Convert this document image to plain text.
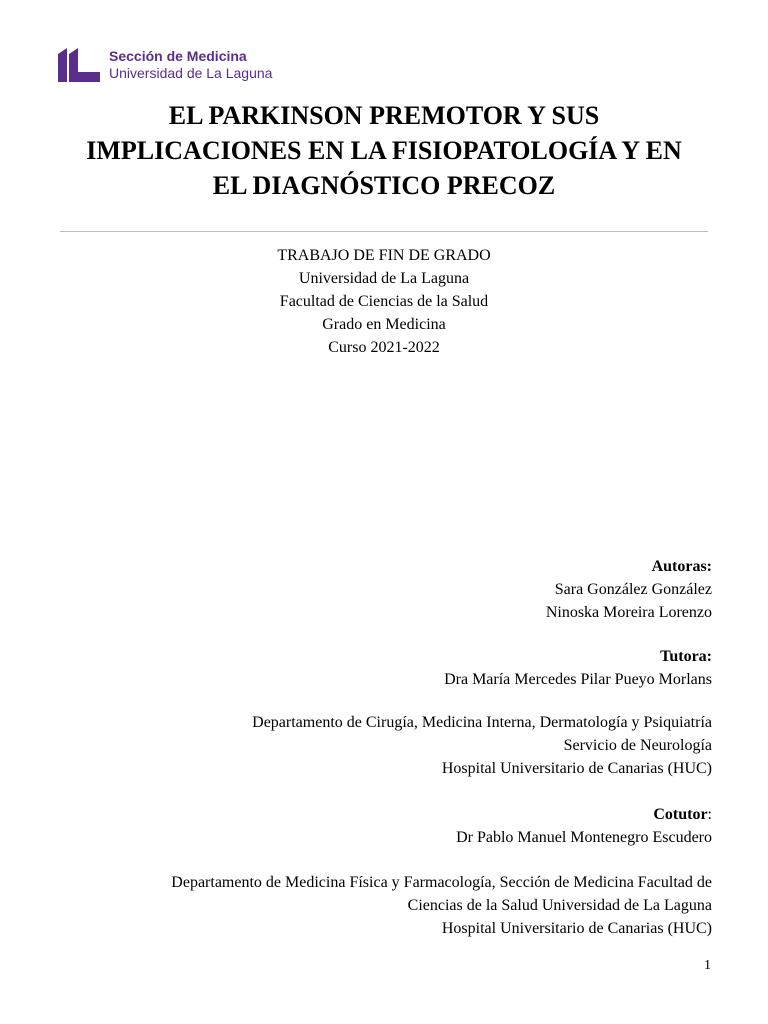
Sección de Medicina
Universidad de La Laguna
EL PARKINSON PREMOTOR Y SUS
IMPLICACIONES EN LA FISIOPATOLOGÍA Y EN
EL DIAGNÓSTICO PRECOZ
TRABAJO DE FIN DE GRADO
Universidad de La Laguna
Facultad de Ciencias de la Salud
Grado en Medicina
Curso 2021-2022
Autoras:
Sara González González
Ninoska Moreira Lorenzo
Tutora:
Dra María Mercedes Pilar Pueyo Morlans
Departamento de Cirugía, Medicina Interna, Dermatología y Psiquiatría
Servicio de Neurología
Hospital Universitario de Canarias (HUC)
Cotutor:
Dr Pablo Manuel Montenegro Escudero
Departamento de Medicina Física y Farmacología, Sección de Medicina Facultad de
Ciencias de la Salud Universidad de La Laguna
Hospital Universitario de Canarias (HUC)
1
